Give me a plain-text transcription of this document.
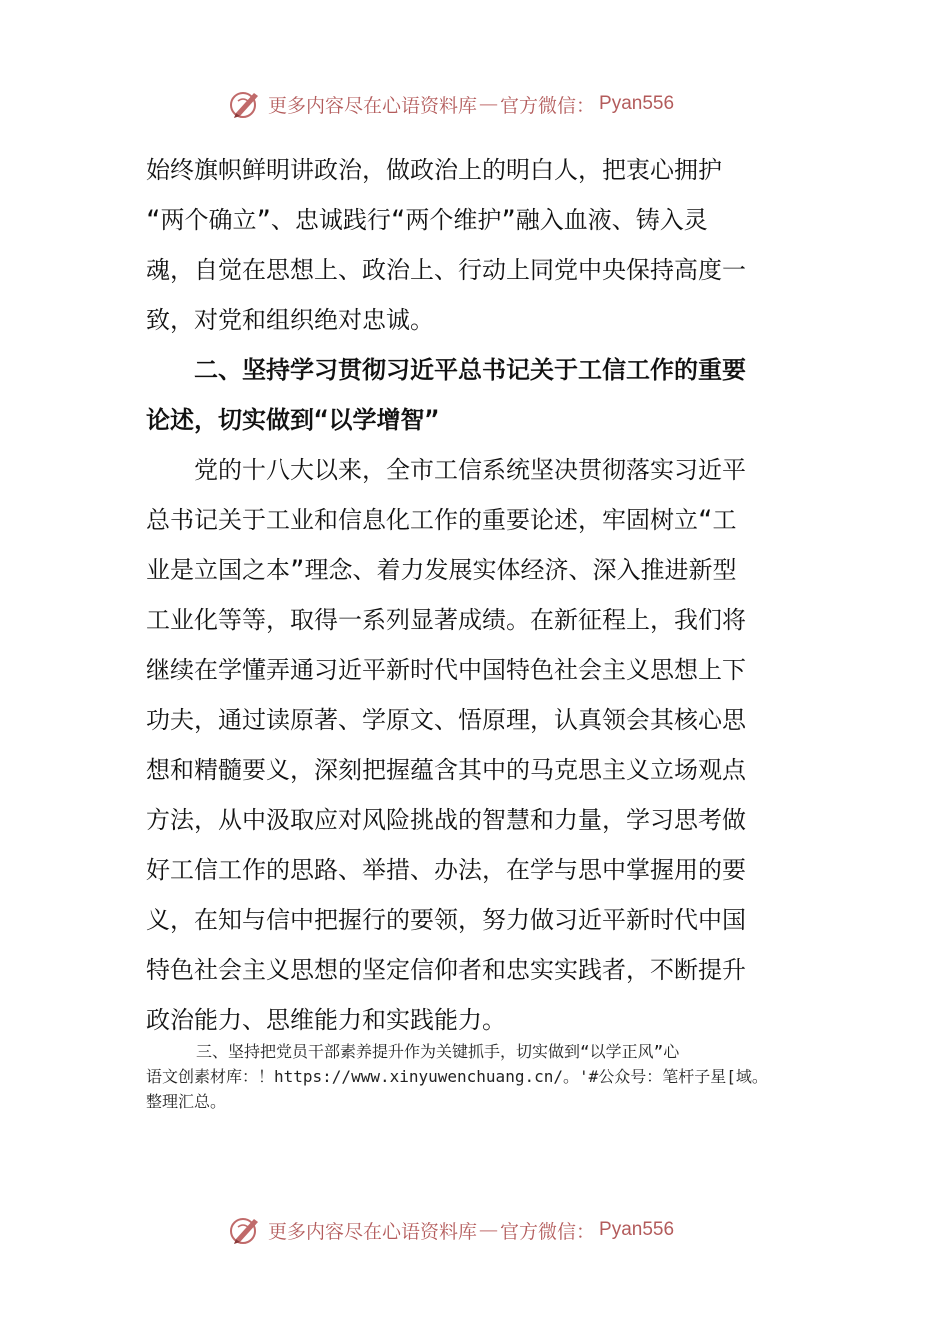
更多内容尽在心语资料库 — 官方微信： Pyan556
始终旗帜鲜明讲政治，做政治上的明白人，把衷心拥护
“两个确立”、忠诚践行“两个维护”融入血液、铸入灵
魂，自觉在思想上、政治上、行动上同党中央保持高度一
致，对党和组织绝对忠诚。
　　二、坚持学习贯彻习近平总书记关于工信工作的重要
论述，切实做到“以学增智”
　　党的十八大以来，全市工信系统坚决贯彻落实习近平
总书记关于工业和信息化工作的重要论述，牢固树立“工
业是立国之本”理念、着力发展实体经济、深入推进新型
工业化等等，取得一系列显著成绩。在新征程上，我们将
继续在学懂弄通习近平新时代中国特色社会主义思想上下
功夫，通过读原著、学原文、悟原理，认真领会其核心思
想和精髓要义，深刻把握蕴含其中的马克思主义立场观点
方法，从中汲取应对风险挑战的智慧和力量，学习思考做
好工信工作的思路、举措、办法，在学与思中掌握用的要
义，在知与信中把握行的要领，努力做习近平新时代中国
特色社会主义思想的坚定信仰者和忠实实践者，不断提升
政治能力、思维能力和实践能力。
三、坚持把党员干部素养提升作为关键抓手，切实做到“以学正风”心
语文创素材库：！https://www.xinyuwenchuang.cn/。'#公众号：笔杆子星[域。
整理汇总。
更多内容尽在心语资料库 — 官方微信： Pyan556
